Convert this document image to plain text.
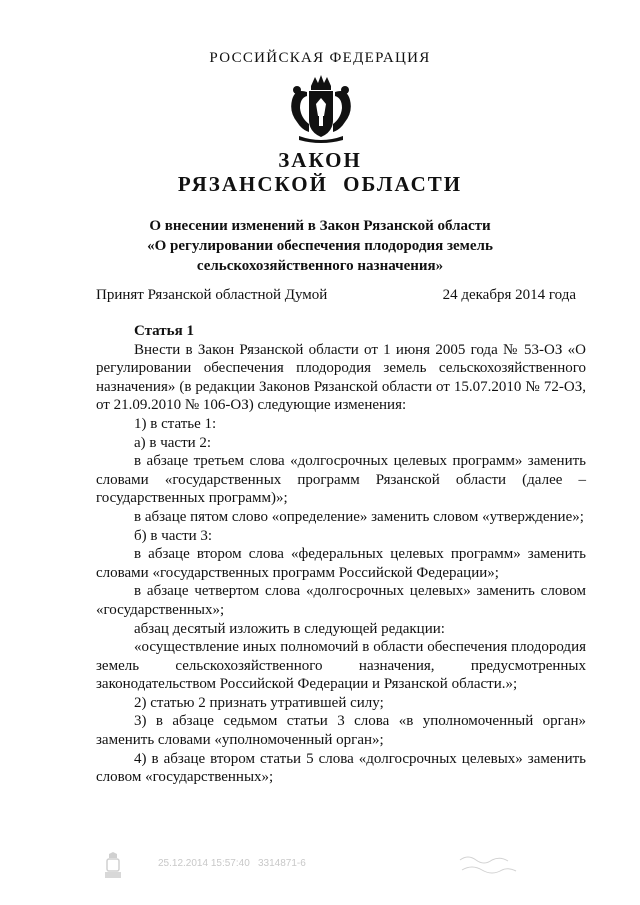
РОССИЙСКАЯ ФЕДЕРАЦИЯ
ЗАКОН
РЯЗАНСКОЙ ОБЛАСТИ
О внесении изменений в Закон Рязанской области
«О регулировании обеспечения плодородия земель
сельскохозяйственного назначения»
Принят Рязанской областной Думой	24 декабря 2014 года

Статья 1

Внести в Закон Рязанской области от 1 июня 2005 года № 53-ОЗ «О регулировании обеспечения плодородия земель сельскохозяйственного назначения» (в редакции Законов Рязанской области от 15.07.2010 № 72-ОЗ, от 21.09.2010 № 106-ОЗ) следующие изменения:

1) в статье 1:

а) в части 2:

в абзаце третьем слова «долгосрочных целевых программ» заменить словами «государственных программ Рязанской области (далее – государственных программ)»;

в абзаце пятом слово «определение» заменить словом «утверждение»;

б) в части 3:

в абзаце втором слова «федеральных целевых программ» заменить словами «государственных программ Российской Федерации»;

в абзаце четвертом слова «долгосрочных целевых» заменить словом «государственных»;

абзац десятый изложить в следующей редакции:

«осуществление иных полномочий в области обеспечения плодородия земель сельскохозяйственного назначения, предусмотренных законодательством Российской Федерации и Рязанской области.»;

2) статью 2 признать утратившей силу;

3) в абзаце седьмом статьи 3 слова «в уполномоченный орган» заменить словами «уполномоченный орган»;

4) в абзаце втором статьи 5 слова «долгосрочных целевых» заменить словом «государственных»;

25.12.2014 15:57:40 3314871-6
